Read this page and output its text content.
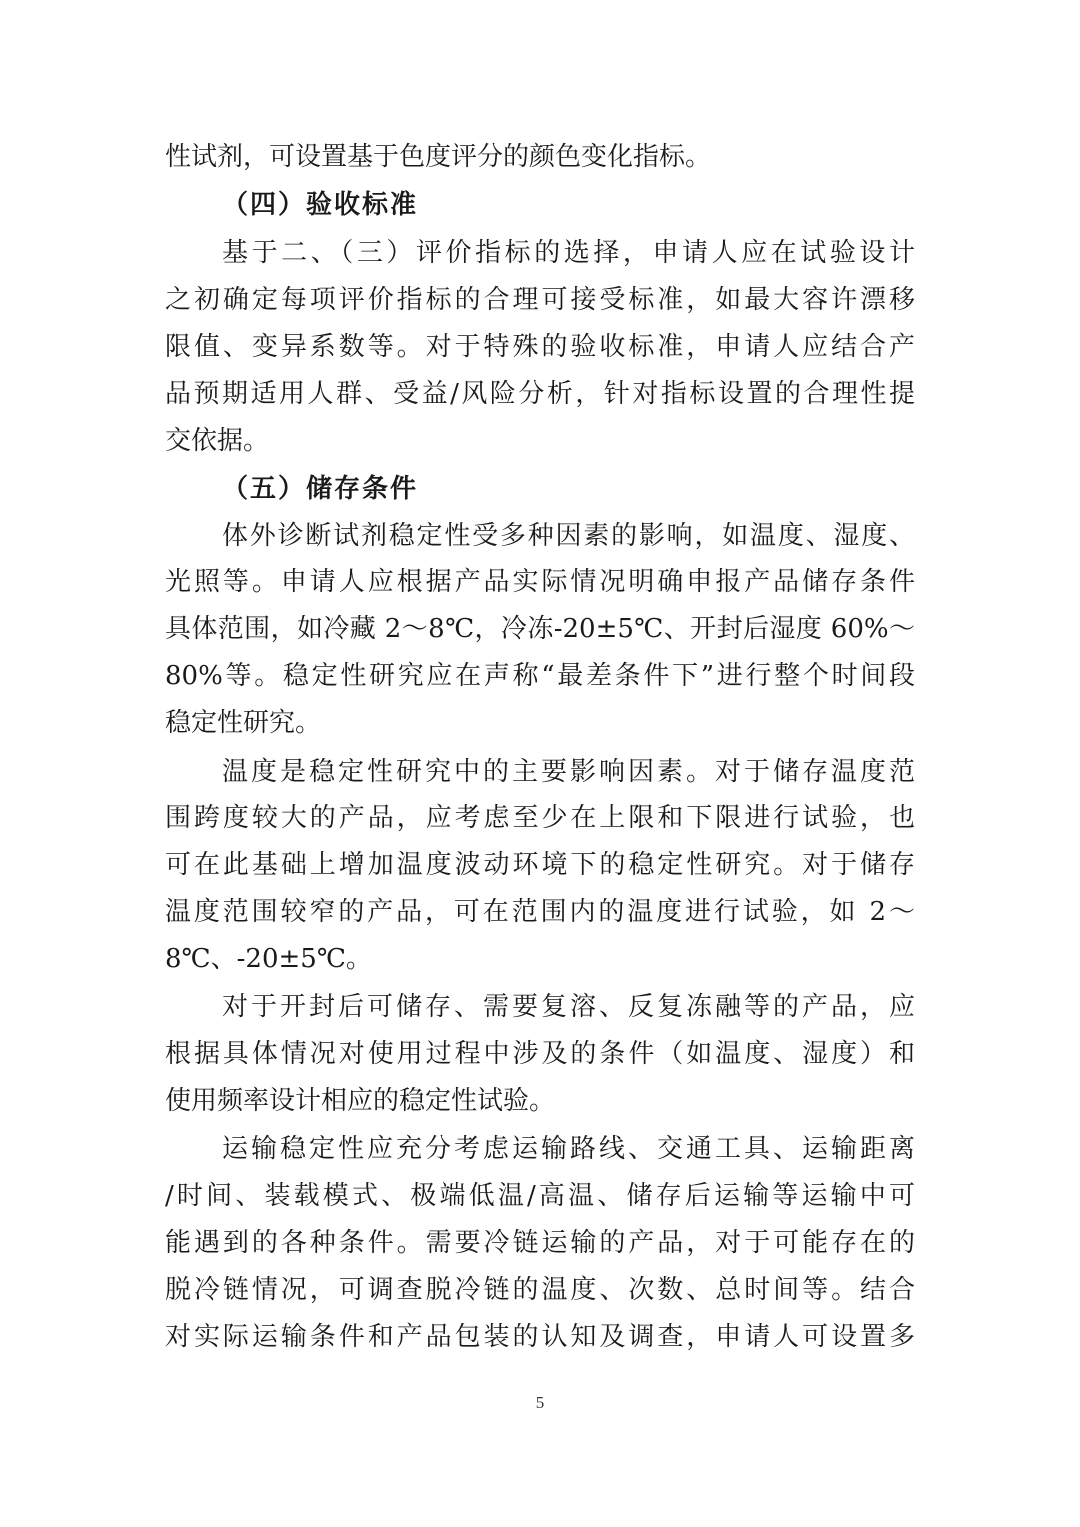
性试剂，可设置基于色度评分的颜色变化指标。
（四）验收标准
基于二、（三）评价指标的选择，申请人应在试验设计
之初确定每项评价指标的合理可接受标准，如最大容许漂移
限值、变异系数等。对于特殊的验收标准，申请人应结合产
品预期适用人群、受益/风险分析，针对指标设置的合理性提
交依据。
（五）储存条件
体外诊断试剂稳定性受多种因素的影响，如温度、湿度、
光照等。申请人应根据产品实际情况明确申报产品储存条件
具体范围，如冷藏 2～8℃，冷冻-20±5℃、开封后湿度 60%～
80%等。稳定性研究应在声称“最差条件下”进行整个时间段
稳定性研究。
温度是稳定性研究中的主要影响因素。对于储存温度范
围跨度较大的产品，应考虑至少在上限和下限进行试验，也
可在此基础上增加温度波动环境下的稳定性研究。对于储存
温度范围较窄的产品，可在范围内的温度进行试验，如 2～
8℃、-20±5℃。
对于开封后可储存、需要复溶、反复冻融等的产品，应
根据具体情况对使用过程中涉及的条件（如温度、湿度）和
使用频率设计相应的稳定性试验。
运输稳定性应充分考虑运输路线、交通工具、运输距离
/时间、装载模式、极端低温/高温、储存后运输等运输中可
能遇到的各种条件。需要冷链运输的产品，对于可能存在的
脱冷链情况，可调查脱冷链的温度、次数、总时间等。结合
对实际运输条件和产品包装的认知及调查，申请人可设置多
5
